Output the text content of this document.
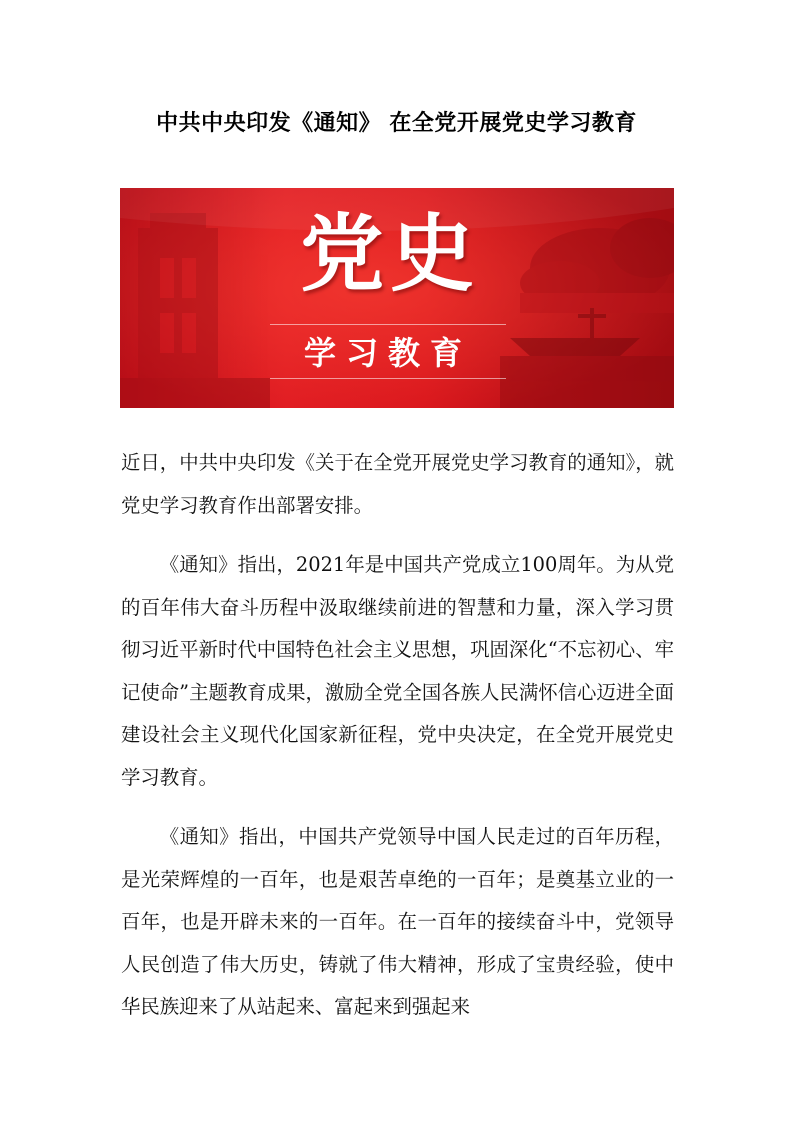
中共中央印发《通知》 在全党开展党史学习教育
党史
学习教育

近日，中共中央印发《关于在全党开展党史学习教育的通知》，就党史学习教育作出部署安排。

《通知》指出，2021年是中国共产党成立100周年。为从党的百年伟大奋斗历程中汲取继续前进的智慧和力量，深入学习贯彻习近平新时代中国特色社会主义思想，巩固深化“不忘初心、牢记使命”主题教育成果，激励全党全国各族人民满怀信心迈进全面建设社会主义现代化国家新征程，党中央决定，在全党开展党史学习教育。

《通知》指出，中国共产党领导中国人民走过的百年历程，是光荣辉煌的一百年，也是艰苦卓绝的一百年；是奠基立业的一百年，也是开辟未来的一百年。在一百年的接续奋斗中，党领导人民创造了伟大历史，铸就了伟大精神，形成了宝贵经验，使中华民族迎来了从站起来、富起来到强起来
